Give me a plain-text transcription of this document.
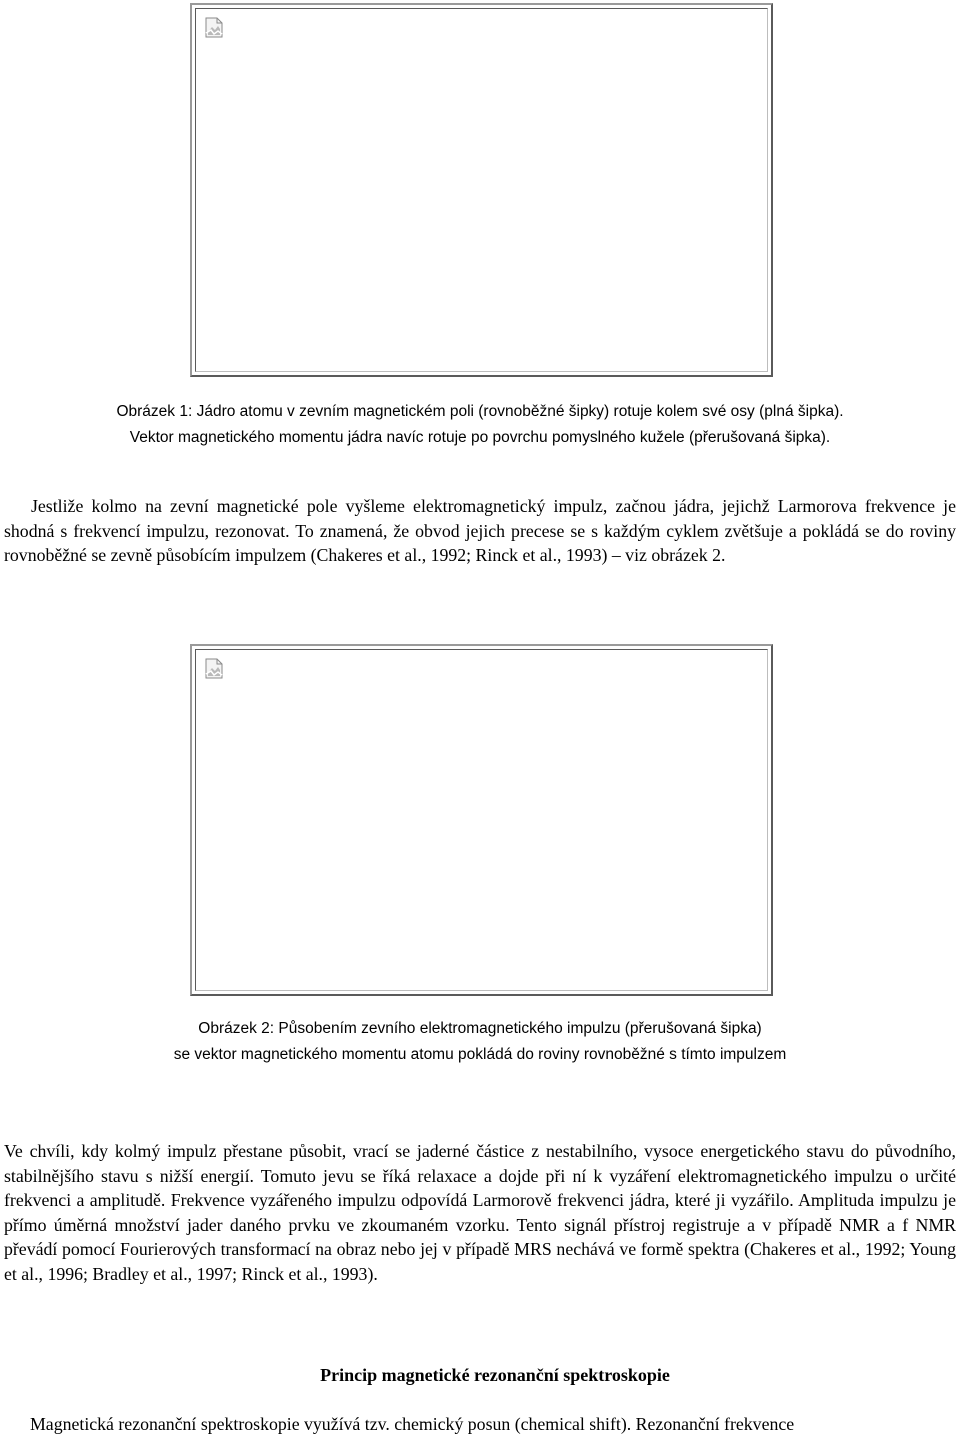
Obrázek 1: Jádro atomu v zevním magnetickém poli (rovnoběžné šipky) rotuje kolem své osy (plná šipka).
Vektor magnetického momentu jádra navíc rotuje po povrchu pomyslného kužele (přerušovaná šipka).

Jestliže kolmo na zevní magnetické pole vyšleme elektromagnetický impulz, začnou jádra, jejichž Larmorova frekvence je shodná s frekvencí impulzu, rezonovat. To znamená, že obvod jejich precese se s každým cyklem zvětšuje a pokládá se do roviny rovnoběžné se zevně působícím impulzem (Chakeres et al., 1992; Rinck et al., 1993) – viz obrázek 2.

Obrázek 2: Působením zevního elektromagnetického impulzu (přerušovaná šipka)
se vektor magnetického momentu atomu pokládá do roviny rovnoběžné s tímto impulzem

Ve chvíli, kdy kolmý impulz přestane působit, vrací se jaderné částice z nestabilního, vysoce energetického stavu do původního, stabilnějšího stavu s nižší energií. Tomuto jevu se říká relaxace a dojde při ní k vyzáření elektromagnetického impulzu o určité frekvenci a amplitudě. Frekvence vyzářeného impulzu odpovídá Larmorově frekvenci jádra, které ji vyzářilo. Amplituda impulzu je přímo úměrná množství jader daného prvku ve zkoumaném vzorku. Tento signál přístroj registruje a v případě NMR a f NMR převádí pomocí Fourierových transformací na obraz nebo jej v případě MRS nechává ve formě spektra (Chakeres et al., 1992; Young et al., 1996; Bradley et al., 1997; Rinck et al., 1993).

Princip magnetické rezonanční spektroskopie

Magnetická rezonanční spektroskopie využívá tzv. chemický posun (chemical shift). Rezonanční frekvence
